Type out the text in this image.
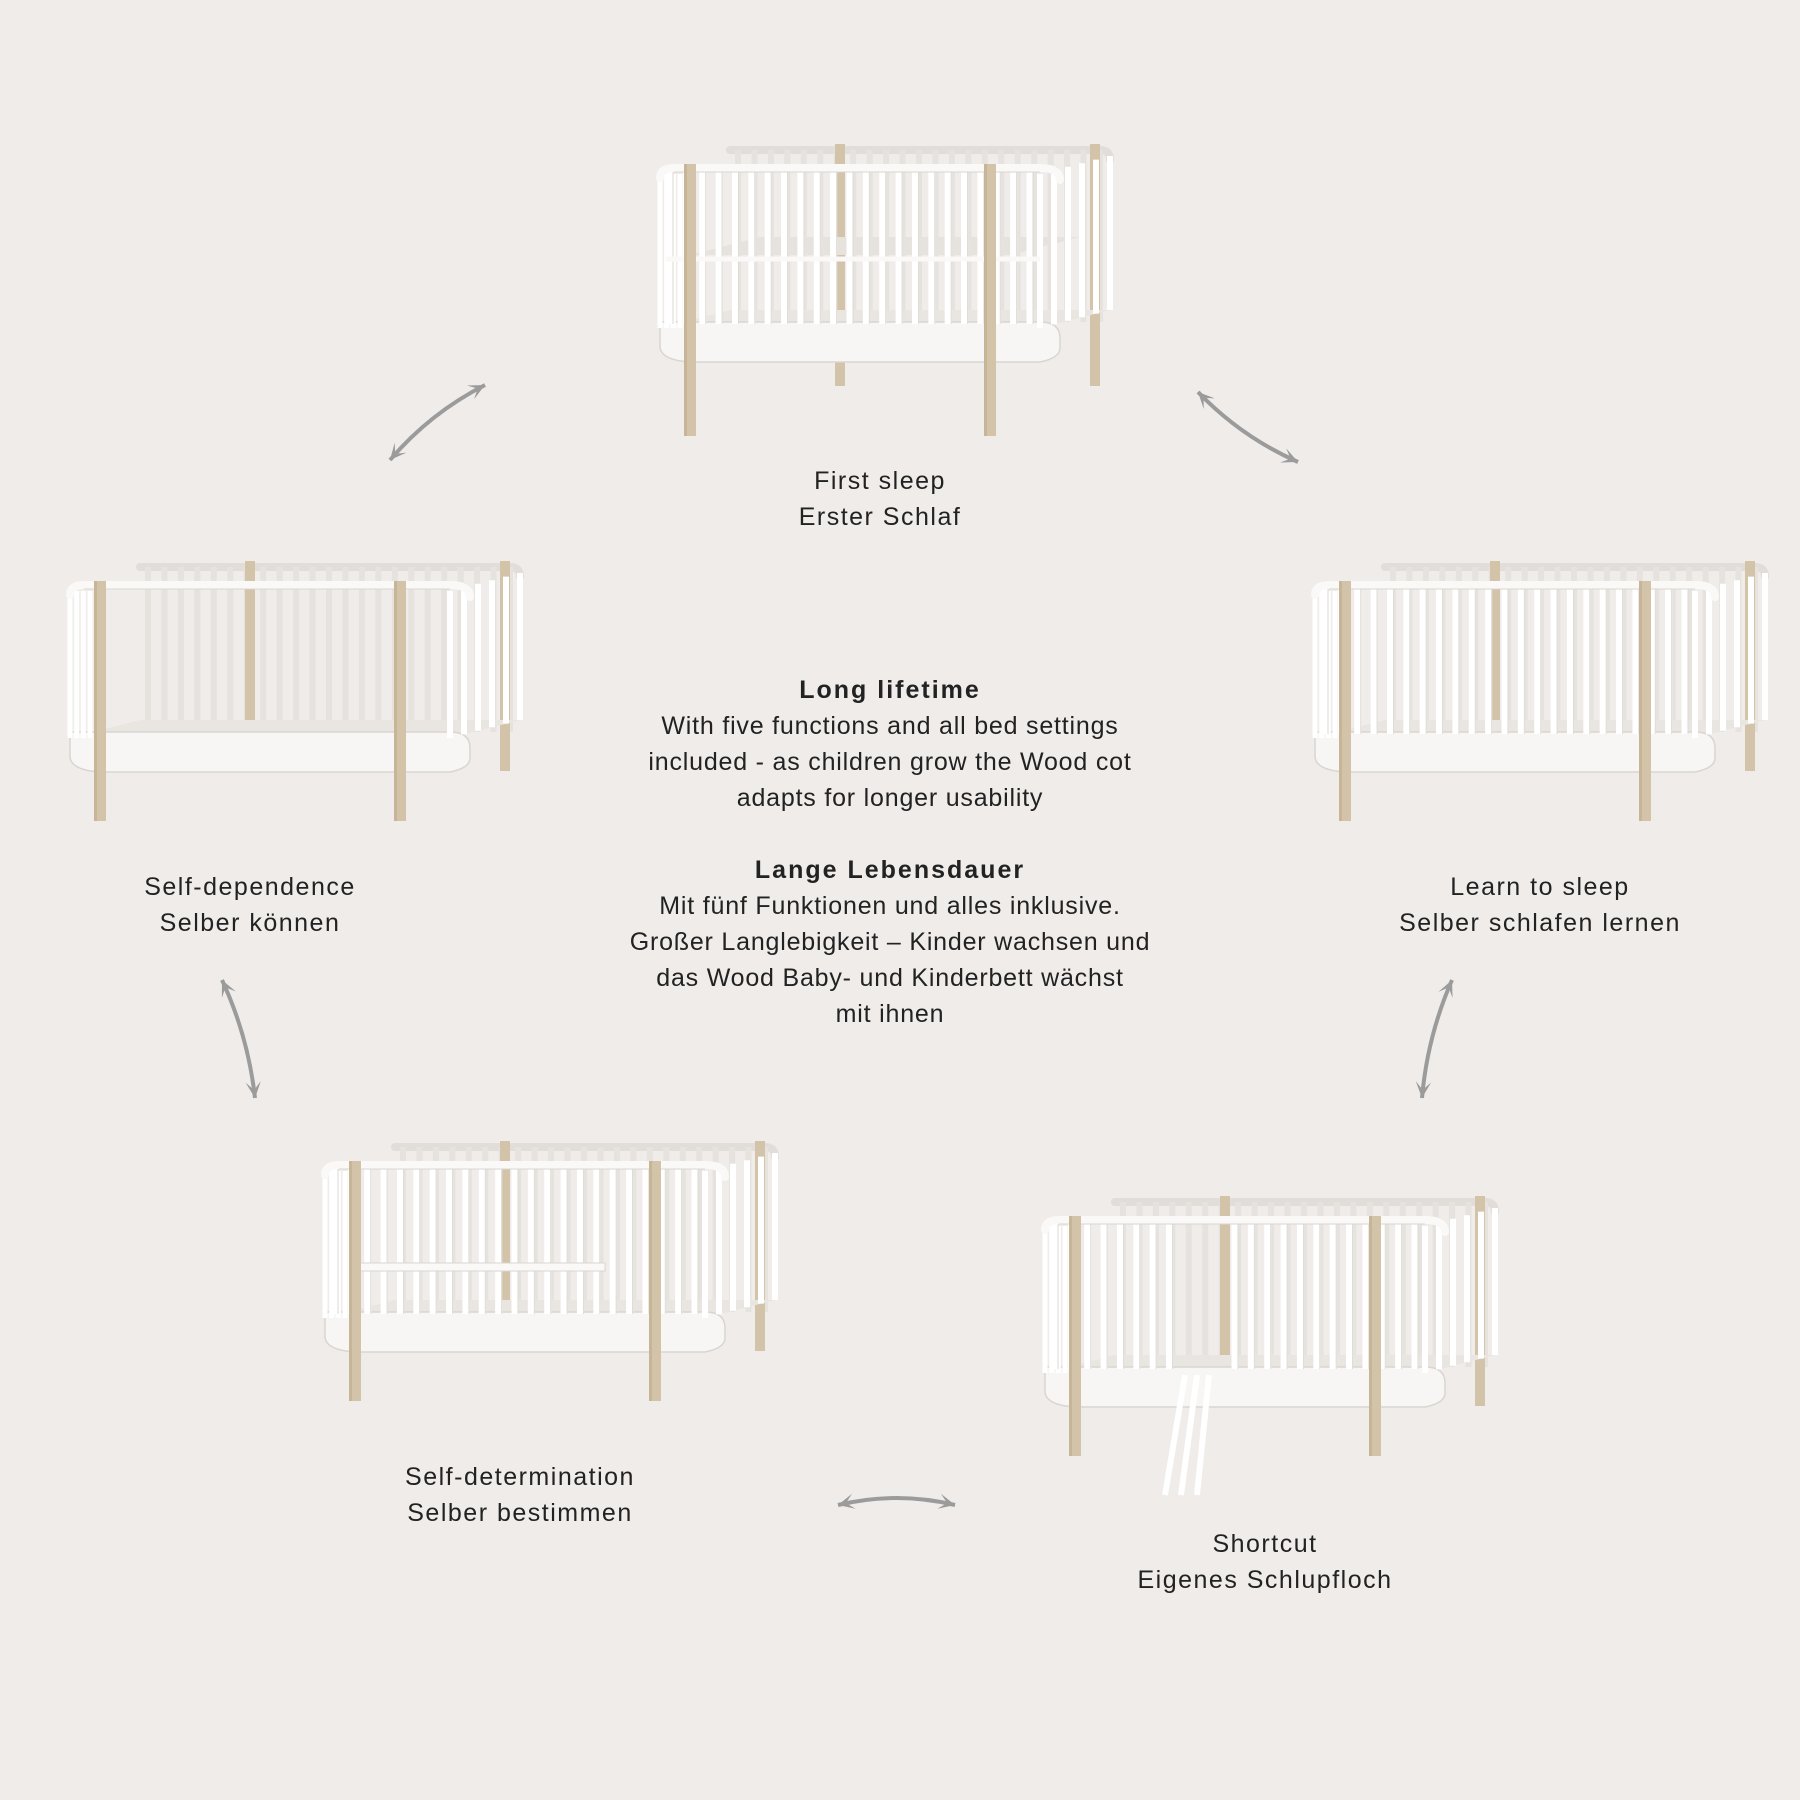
First sleep
Erster Schlaf
Self-dependence
Selber können
Learn to sleep
Selber schlafen lernen
Self-determination
Selber bestimmen
Shortcut
Eigenes Schlupfloch
Long lifetime
With five functions and all bed settings
included - as children grow the Wood cot
adapts for longer usability
Lange Lebensdauer
Mit fünf Funktionen und alles inklusive.
Großer Langlebigkeit – Kinder wachsen und
das Wood Baby- und Kinderbett wächst
mit ihnen
